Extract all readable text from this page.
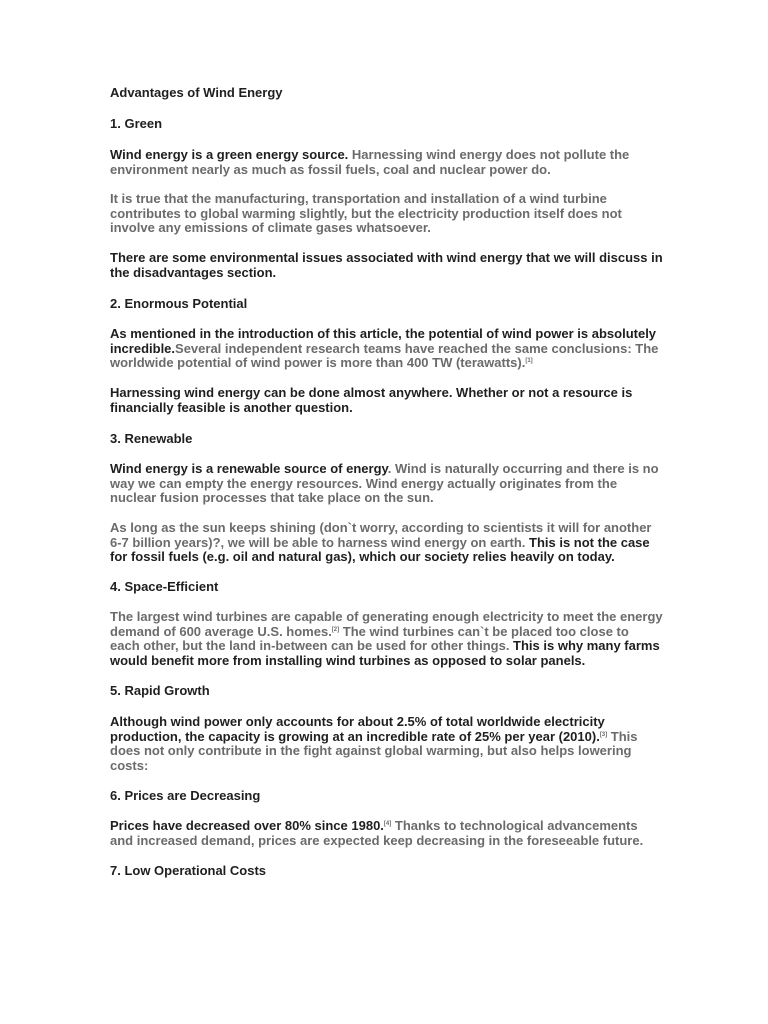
Advantages of Wind Energy

1. Green

Wind energy is a green energy source. Harnessing wind energy does not pollute the
environment nearly as much as fossil fuels, coal and nuclear power do.

It is true that the manufacturing, transportation and installation of a wind turbine
contributes to global warming slightly, but the electricity production itself does not
involve any emissions of climate gases whatsoever.

There are some environmental issues associated with wind energy that we will discuss in
the disadvantages section.

2. Enormous Potential

As mentioned in the introduction of this article, the potential of wind power is absolutely
incredible.Several independent research teams have reached the same conclusions: The
worldwide potential of wind power is more than 400 TW (terawatts).[1]

Harnessing wind energy can be done almost anywhere. Whether or not a resource is
financially feasible is another question.

3. Renewable

Wind energy is a renewable source of energy. Wind is naturally occurring and there is no
way we can empty the energy resources. Wind energy actually originates from the
nuclear fusion processes that take place on the sun.

As long as the sun keeps shining (don`t worry, according to scientists it will for another
6-7 billion years)?, we will be able to harness wind energy on earth. This is not the case
for fossil fuels (e.g. oil and natural gas), which our society relies heavily on today.

4. Space-Efficient

The largest wind turbines are capable of generating enough electricity to meet the energy
demand of 600 average U.S. homes.[2] The wind turbines can`t be placed too close to
each other, but the land in-between can be used for other things. This is why many farms
would benefit more from installing wind turbines as opposed to solar panels.

5. Rapid Growth

Although wind power only accounts for about 2.5% of total worldwide electricity
production, the capacity is growing at an incredible rate of 25% per year (2010).[3] This
does not only contribute in the fight against global warming, but also helps lowering
costs:

6. Prices are Decreasing

Prices have decreased over 80% since 1980.[4] Thanks to technological advancements
and increased demand, prices are expected keep decreasing in the foreseeable future.

7. Low Operational Costs
